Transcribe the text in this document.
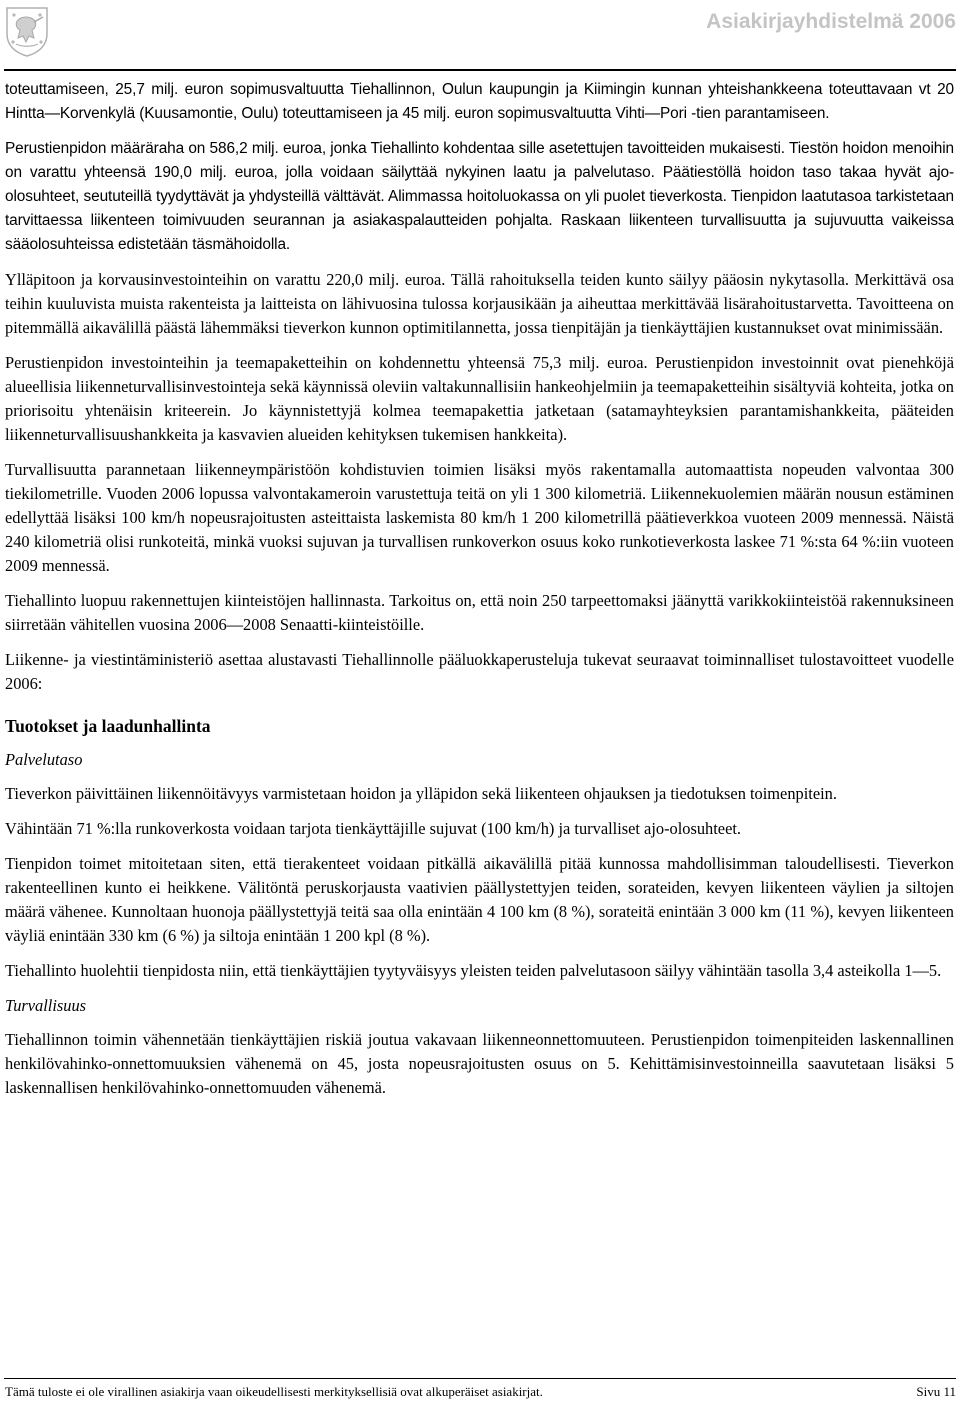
Asiakirjayhdistelmä 2006

toteuttamiseen, 25,7 milj. euron sopimusvaltuutta Tiehallinnon, Oulun kaupungin ja Kiimingin kunnan yhteishankkeena toteuttavaan vt 20 Hintta—Korvenkylä (Kuusamontie, Oulu) toteuttamiseen ja 45 milj. euron sopimusvaltuutta Vihti—Pori -tien parantamiseen.

Perustienpidon määräraha on 586,2 milj. euroa, jonka Tiehallinto kohdentaa sille asetettujen tavoitteiden mukaisesti. Tiestön hoidon menoihin on varattu yhteensä 190,0 milj. euroa, jolla voidaan säilyttää nykyinen laatu ja palvelutaso. Päätiestöllä hoidon taso takaa hyvät ajo-olosuhteet, seututeillä tyydyttävät ja yhdysteillä välttävät. Alimmassa hoitoluokassa on yli puolet tieverkosta. Tienpidon laatutasoa tarkistetaan tarvittaessa liikenteen toimivuuden seurannan ja asiakaspalautteiden pohjalta. Raskaan liikenteen turvallisuutta ja sujuvuutta vaikeissa sääolosuhteissa edistetään täsmähoidolla.

Ylläpitoon ja korvausinvestointeihin on varattu 220,0 milj. euroa. Tällä rahoituksella teiden kunto säilyy pääosin nykytasolla. Merkittävä osa teihin kuuluvista muista rakenteista ja laitteista on lähivuosina tulossa korjausikään ja aiheuttaa merkittävää lisärahoitustarvetta. Tavoitteena on pitemmällä aikavälillä päästä lähemmäksi tieverkon kunnon optimitilannetta, jossa tienpitäjän ja tienkäyttäjien kustannukset ovat minimissään.

Perustienpidon investointeihin ja teemapaketteihin on kohdennettu yhteensä 75,3 milj. euroa. Perustienpidon investoinnit ovat pienehköjä alueellisia liikenneturvallisinvestointeja sekä käynnissä oleviin valtakunnallisiin hankeohjelmiin ja teemapaketteihin sisältyviä kohteita, jotka on priorisoitu yhtenäisin kriteerein. Jo käynnistettyjä kolmea teemapakettia jatketaan (satamayhteyksien parantamishankkeita, pääteiden liikenneturvallisuushankkeita ja kasvavien alueiden kehityksen tukemisen hankkeita).

Turvallisuutta parannetaan liikenneympäristöön kohdistuvien toimien lisäksi myös rakentamalla automaattista nopeuden valvontaa 300 tiekilometrille. Vuoden 2006 lopussa valvontakameroin varustettuja teitä on yli 1 300 kilometriä. Liikennekuolemien määrän nousun estäminen edellyttää lisäksi 100 km/h nopeusrajoitusten asteittaista laskemista 80 km/h 1 200 kilometrillä päätieverkkoa vuoteen 2009 mennessä. Näistä 240 kilometriä olisi runkoteitä, minkä vuoksi sujuvan ja turvallisen runkoverkon osuus koko runkotieverkosta laskee 71 %:sta 64 %:iin vuoteen 2009 mennessä.

Tiehallinto luopuu rakennettujen kiinteistöjen hallinnasta. Tarkoitus on, että noin 250 tarpeettomaksi jäänyttä varikkokiinteistöä rakennuksineen siirretään vähitellen vuosina 2006—2008 Senaatti-kiinteistöille.

Liikenne- ja viestintäministeriö asettaa alustavasti Tiehallinnolle pääluokkaperusteluja tukevat seuraavat toiminnalliset tulostavoitteet vuodelle 2006:

Tuotokset ja laadunhallinta

Palvelutaso

Tieverkon päivittäinen liikennöitävyys varmistetaan hoidon ja ylläpidon sekä liikenteen ohjauksen ja tiedotuksen toimenpitein.

Vähintään 71 %:lla runkoverkosta voidaan tarjota tienkäyttäjille sujuvat (100 km/h) ja turvalliset ajo-olosuhteet.

Tienpidon toimet mitoitetaan siten, että tierakenteet voidaan pitkällä aikavälillä pitää kunnossa mahdollisimman taloudellisesti. Tieverkon rakenteellinen kunto ei heikkene. Välitöntä peruskorjausta vaativien päällystettyjen teiden, sorateiden, kevyen liikenteen väylien ja siltojen määrä vähenee. Kunnoltaan huonoja päällystettyjä teitä saa olla enintään 4 100 km (8 %), sorateitä enintään 3 000 km (11 %), kevyen liikenteen väyliä enintään 330 km (6 %) ja siltoja enintään 1 200 kpl (8 %).

Tiehallinto huolehtii tienpidosta niin, että tienkäyttäjien tyytyväisyys yleisten teiden palvelutasoon säilyy vähintään tasolla 3,4 asteikolla 1—5.

Turvallisuus

Tiehallinnon toimin vähennetään tienkäyttäjien riskiä joutua vakavaan liikenneonnettomuuteen. Perustienpidon toimenpiteiden laskennallinen henkilövahinko-onnettomuuksien vähenemä on 45, josta nopeusrajoitusten osuus on 5. Kehittämisinvestoinneilla saavutetaan lisäksi 5 laskennallisen henkilövahinko-onnettomuuden vähenemä.

Tämä tuloste ei ole virallinen asiakirja vaan oikeudellisesti merkityksellisiä ovat alkuperäiset asiakirjat.	Sivu 11
